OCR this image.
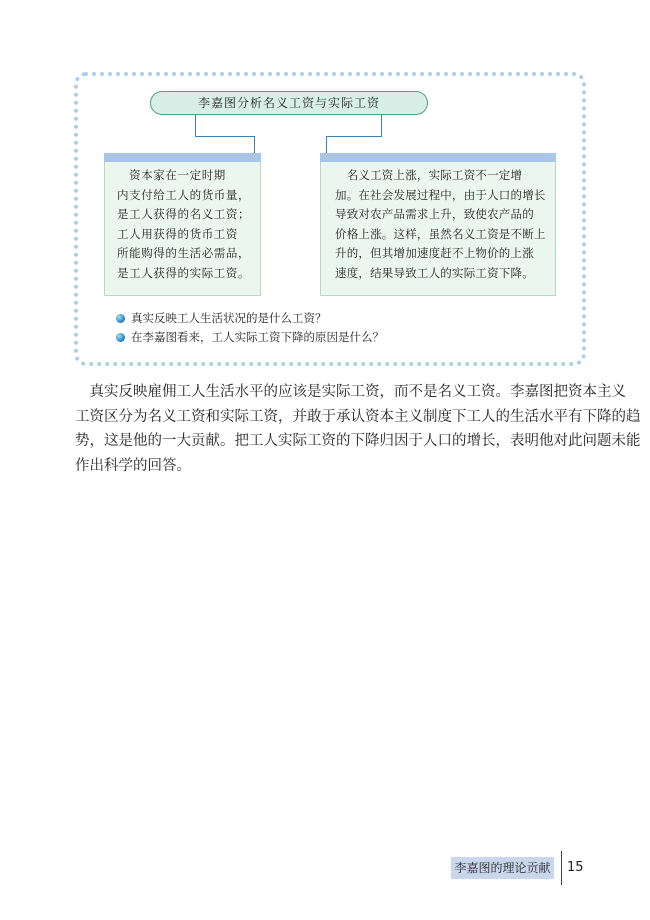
李嘉图分析名义工资与实际工资
　资本家在一定时期
内支付给工人的货币量，
是工人获得的名义工资；
工人用获得的货币工资
所能购得的生活必需品，
是工人获得的实际工资。
　名义工资上涨，实际工资不一定增
加。在社会发展过程中，由于人口的增长
导致对农产品需求上升，致使农产品的
价格上涨。这样，虽然名义工资是不断上
升的，但其增加速度赶不上物价的上涨
速度，结果导致工人的实际工资下降。
真实反映工人生活状况的是什么工资？
在李嘉图看来，工人实际工资下降的原因是什么？
　真实反映雇佣工人生活水平的应该是实际工资，而不是名义工资。李嘉图把资本主义
工资区分为名义工资和实际工资，并敢于承认资本主义制度下工人的生活水平有下降的趋
势，这是他的一大贡献。把工人实际工资的下降归因于人口的增长，表明他对此问题未能
作出科学的回答。
李嘉图的理论贡献 15
